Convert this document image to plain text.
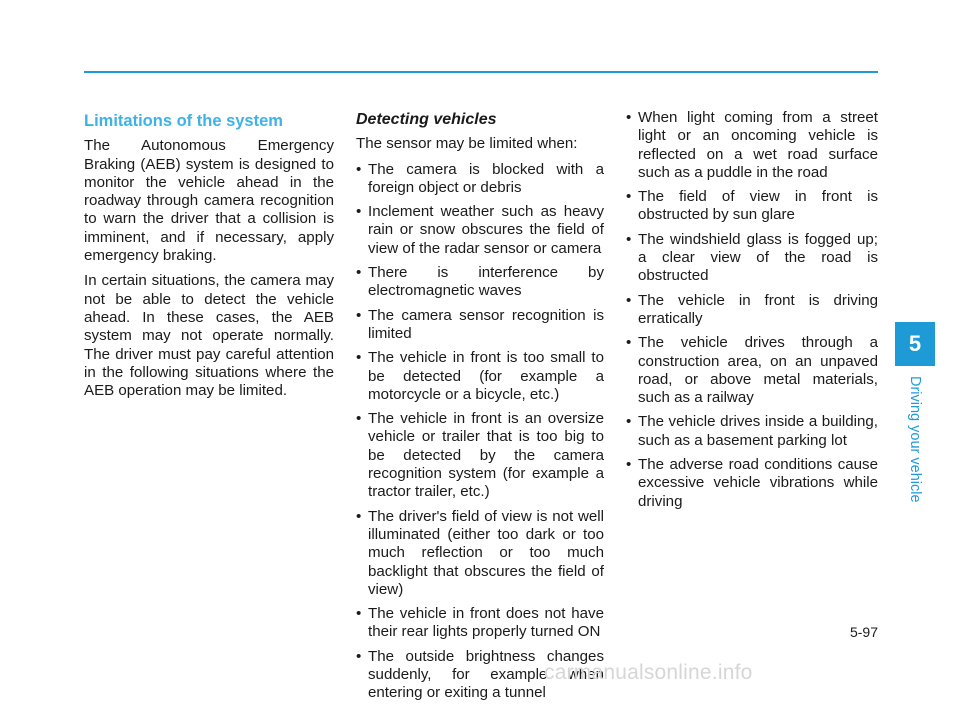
Limitations of the system

The Autonomous Emergency Braking (AEB) system is designed to monitor the vehicle ahead in the roadway through camera recognition to warn the driver that a collision is imminent, and if necessary, apply emergency braking.

In certain situations, the camera may not be able to detect the vehicle ahead. In these cases, the AEB system may not operate normally. The driver must pay careful attention in the following situations where the AEB operation may be limited.

Detecting vehicles

The sensor may be limited when:

• The camera is blocked with a foreign object or debris
• Inclement weather such as heavy rain or snow obscures the field of view of the radar sensor or camera
• There is interference by electromagnetic waves
• The camera sensor recognition is limited
• The vehicle in front is too small to be detected (for example a motorcycle or a bicycle, etc.)
• The vehicle in front is an oversize vehicle or trailer that is too big to be detected by the camera recognition system (for example a tractor trailer, etc.)
• The driver's field of view is not well illuminated (either too dark or too much reflection or too much backlight that obscures the field of view)
• The vehicle in front does not have their rear lights properly turned ON
• The outside brightness changes suddenly, for example when entering or exiting a tunnel
• When light coming from a street light or an oncoming vehicle is reflected on a wet road surface such as a puddle in the road
• The field of view in front is obstructed by sun glare
• The windshield glass is fogged up; a clear view of the road is obstructed
• The vehicle in front is driving erratically
• The vehicle drives through a construction area, on an unpaved road, or above metal materials, such as a railway
• The vehicle drives inside a building, such as a basement parking lot
• The adverse road conditions cause excessive vehicle vibrations while driving
5
Driving your vehicle
5-97
carmanualsonline.info
